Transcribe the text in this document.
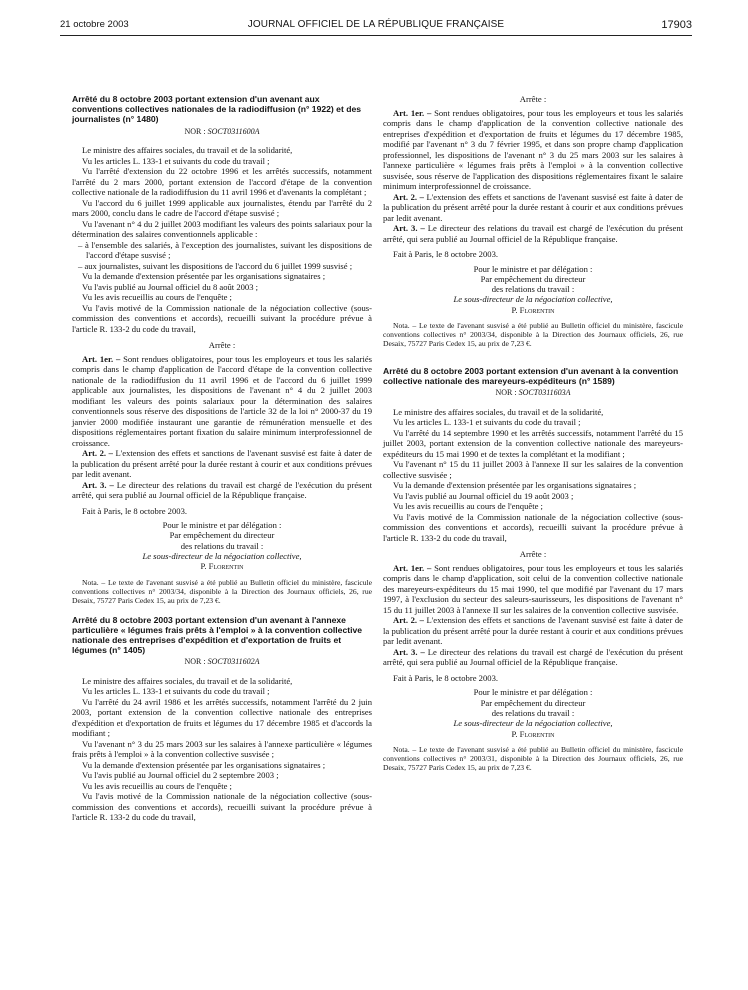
21 octobre 2003	JOURNAL OFFICIEL DE LA RÉPUBLIQUE FRANÇAISE	17903
Arrêté du 8 octobre 2003 portant extension d'un avenant aux conventions collectives nationales de la radiodiffusion (n° 1922) et des journalistes (n° 1480)
NOR : SOCT0311600A

Le ministre des affaires sociales, du travail et de la solidarité,

Vu les articles L. 133-1 et suivants du code du travail ;

Vu l'arrêté d'extension du 22 octobre 1996 et les arrêtés successifs, notamment l'arrêté du 2 mars 2000, portant extension de l'accord d'étape de la convention collective nationale de la radiodiffusion du 11 avril 1996 et d'avenants la complétant ;

Vu l'accord du 6 juillet 1999 applicable aux journalistes, étendu par l'arrêté du 2 mars 2000, conclu dans le cadre de l'accord d'étape susvisé ;

Vu l'avenant n° 4 du 2 juillet 2003 modifiant les valeurs des points salariaux pour la détermination des salaires conventionnels applicable :

– à l'ensemble des salariés, à l'exception des journalistes, suivant les dispositions de l'accord d'étape susvisé ;

– aux journalistes, suivant les dispositions de l'accord du 6 juillet 1999 susvisé ;

Vu la demande d'extension présentée par les organisations signataires ;

Vu l'avis publié au Journal officiel du 8 août 2003 ;

Vu les avis recueillis au cours de l'enquête ;

Vu l'avis motivé de la Commission nationale de la négociation collective (sous-commission des conventions et accords), recueilli suivant la procédure prévue à l'article R. 133-2 du code du travail,

Arrête :

Art. 1er. – Sont rendues obligatoires, pour tous les employeurs et tous les salariés compris dans le champ d'application de l'accord d'étape de la convention collective nationale de la radiodiffusion du 11 avril 1996 et de l'accord du 6 juillet 1999 applicable aux journalistes, les dispositions de l'avenant n° 4 du 2 juillet 2003 modifiant les valeurs des points salariaux pour la détermination des salaires conventionnels sous réserve des dispositions de l'article 32 de la loi n° 2000-37 du 19 janvier 2000 modifiée instaurant une garantie de rémunération mensuelle et des dispositions réglementaires portant fixation du salaire minimum interprofessionnel de croissance.

Art. 2. – L'extension des effets et sanctions de l'avenant susvisé est faite à dater de la publication du présent arrêté pour la durée restant à courir et aux conditions prévues par ledit avenant.

Art. 3. – Le directeur des relations du travail est chargé de l'exécution du présent arrêté, qui sera publié au Journal officiel de la République française.

Fait à Paris, le 8 octobre 2003.

Pour le ministre et par délégation :
Par empêchement du directeur
des relations du travail :
Le sous-directeur de la négociation collective,
P. Florentin
Nota. – Le texte de l'avenant susvisé a été publié au Bulletin officiel du ministère, fascicule conventions collectives n° 2003/34, disponible à la Direction des Journaux officiels, 26, rue Desaix, 75727 Paris Cedex 15, au prix de 7,23 €.
Arrêté du 8 octobre 2003 portant extension d'un avenant à l'annexe particulière « légumes frais prêts à l'emploi » à la convention collective nationale des entreprises d'expédition et d'exportation de fruits et légumes (n° 1405)
NOR : SOCT0311602A

Le ministre des affaires sociales, du travail et de la solidarité,

Vu les articles L. 133-1 et suivants du code du travail ;

Vu l'arrêté du 24 avril 1986 et les arrêtés successifs, notamment l'arrêté du 2 juin 2003, portant extension de la convention collective nationale des entreprises d'expédition et d'exportation de fruits et légumes du 17 décembre 1985 et d'accords la modifiant ;

Vu l'avenant n° 3 du 25 mars 2003 sur les salaires à l'annexe particulière « légumes frais prêts à l'emploi » à la convention collective susvisée ;

Vu la demande d'extension présentée par les organisations signataires ;

Vu l'avis publié au Journal officiel du 2 septembre 2003 ;

Vu les avis recueillis au cours de l'enquête ;

Vu l'avis motivé de la Commission nationale de la négociation collective (sous-commission des conventions et accords), recueilli suivant la procédure prévue à l'article R. 133-2 du code du travail,

Arrête :

Art. 1er. – Sont rendues obligatoires, pour tous les employeurs et tous les salariés compris dans le champ d'application de la convention collective nationale des entreprises d'expédition et d'exportation de fruits et légumes du 17 décembre 1985, modifié par l'avenant n° 3 du 7 février 1995, et dans son propre champ d'application professionnel, les dispositions de l'avenant n° 3 du 25 mars 2003 sur les salaires à l'annexe particulière « légumes frais prêts à l'emploi » à la convention collective susvisée, sous réserve de l'application des dispositions réglementaires fixant le salaire minimum interprofessionnel de croissance.

Art. 2. – L'extension des effets et sanctions de l'avenant susvisé est faite à dater de la publication du présent arrêté pour la durée restant à courir et aux conditions prévues par ledit avenant.

Art. 3. – Le directeur des relations du travail est chargé de l'exécution du présent arrêté, qui sera publié au Journal officiel de la République française.

Fait à Paris, le 8 octobre 2003.

Pour le ministre et par délégation :
Par empêchement du directeur
des relations du travail :
Le sous-directeur de la négociation collective,
P. Florentin
Nota. – Le texte de l'avenant susvisé a été publié au Bulletin officiel du ministère, fascicule conventions collectives n° 2003/34, disponible à la Direction des Journaux officiels, 26, rue Desaix, 75727 Paris Cedex 15, au prix de 7,23 €.
Arrêté du 8 octobre 2003 portant extension d'un avenant à la convention collective nationale des mareyeurs-expéditeurs (n° 1589)
NOR : SOCT0311603A

Le ministre des affaires sociales, du travail et de la solidarité,

Vu les articles L. 133-1 et suivants du code du travail ;

Vu l'arrêté du 14 septembre 1990 et les arrêtés successifs, notamment l'arrêté du 15 juillet 2003, portant extension de la convention collective nationale des mareyeurs-expéditeurs du 15 mai 1990 et de textes la complétant et la modifiant ;

Vu l'avenant n° 15 du 11 juillet 2003 à l'annexe II sur les salaires de la convention collective susvisée ;

Vu la demande d'extension présentée par les organisations signataires ;

Vu l'avis publié au Journal officiel du 19 août 2003 ;

Vu les avis recueillis au cours de l'enquête ;

Vu l'avis motivé de la Commission nationale de la négociation collective (sous-commission des conventions et accords), recueilli suivant la procédure prévue à l'article R. 133-2 du code du travail,

Arrête :

Art. 1er. – Sont rendues obligatoires, pour tous les employeurs et tous les salariés compris dans le champ d'application, soit celui de la convention collective nationale des mareyeurs-expéditeurs du 15 mai 1990, tel que modifié par l'avenant du 17 mars 1997, à l'exclusion du secteur des saleurs-saurisseurs, les dispositions de l'avenant n° 15 du 11 juillet 2003 à l'annexe II sur les salaires de la convention collective susvisée.

Art. 2. – L'extension des effets et sanctions de l'avenant susvisé est faite à dater de la publication du présent arrêté pour la durée restant à courir et aux conditions prévues par ledit avenant.

Art. 3. – Le directeur des relations du travail est chargé de l'exécution du présent arrêté, qui sera publié au Journal officiel de la République française.

Fait à Paris, le 8 octobre 2003.

Pour le ministre et par délégation :
Par empêchement du directeur
des relations du travail :
Le sous-directeur de la négociation collective,
P. Florentin
Nota. – Le texte de l'avenant susvisé a été publié au Bulletin officiel du ministère, fascicule conventions collectives n° 2003/31, disponible à la Direction des Journaux officiels, 26, rue Desaix, 75727 Paris Cedex 15, au prix de 7,23 €.
